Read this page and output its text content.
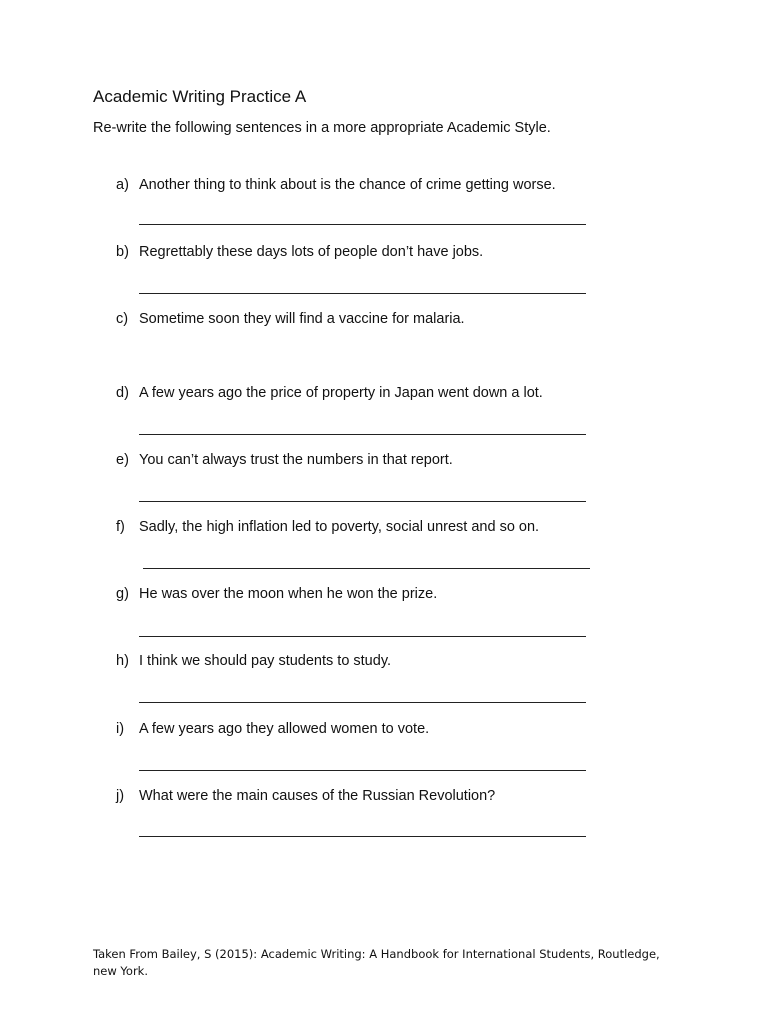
Academic Writing Practice A
Re-write the following sentences in a more appropriate Academic Style.
a) Another thing to think about is the chance of crime getting worse.
b) Regrettably these days lots of people don’t have jobs.
c) Sometime soon they will find a vaccine for malaria.
d) A few years ago the price of property in Japan went down a lot.
e) You can’t always trust the numbers in that report.
f) Sadly, the high inflation led to poverty, social unrest and so on.
g) He was over the moon when he won the prize.
h) I think we should pay students to study.
i) A few years ago they allowed women to vote.
j) What were the main causes of the Russian Revolution?
Taken From Bailey, S (2015): Academic Writing: A Handbook for International Students, Routledge, new York.
